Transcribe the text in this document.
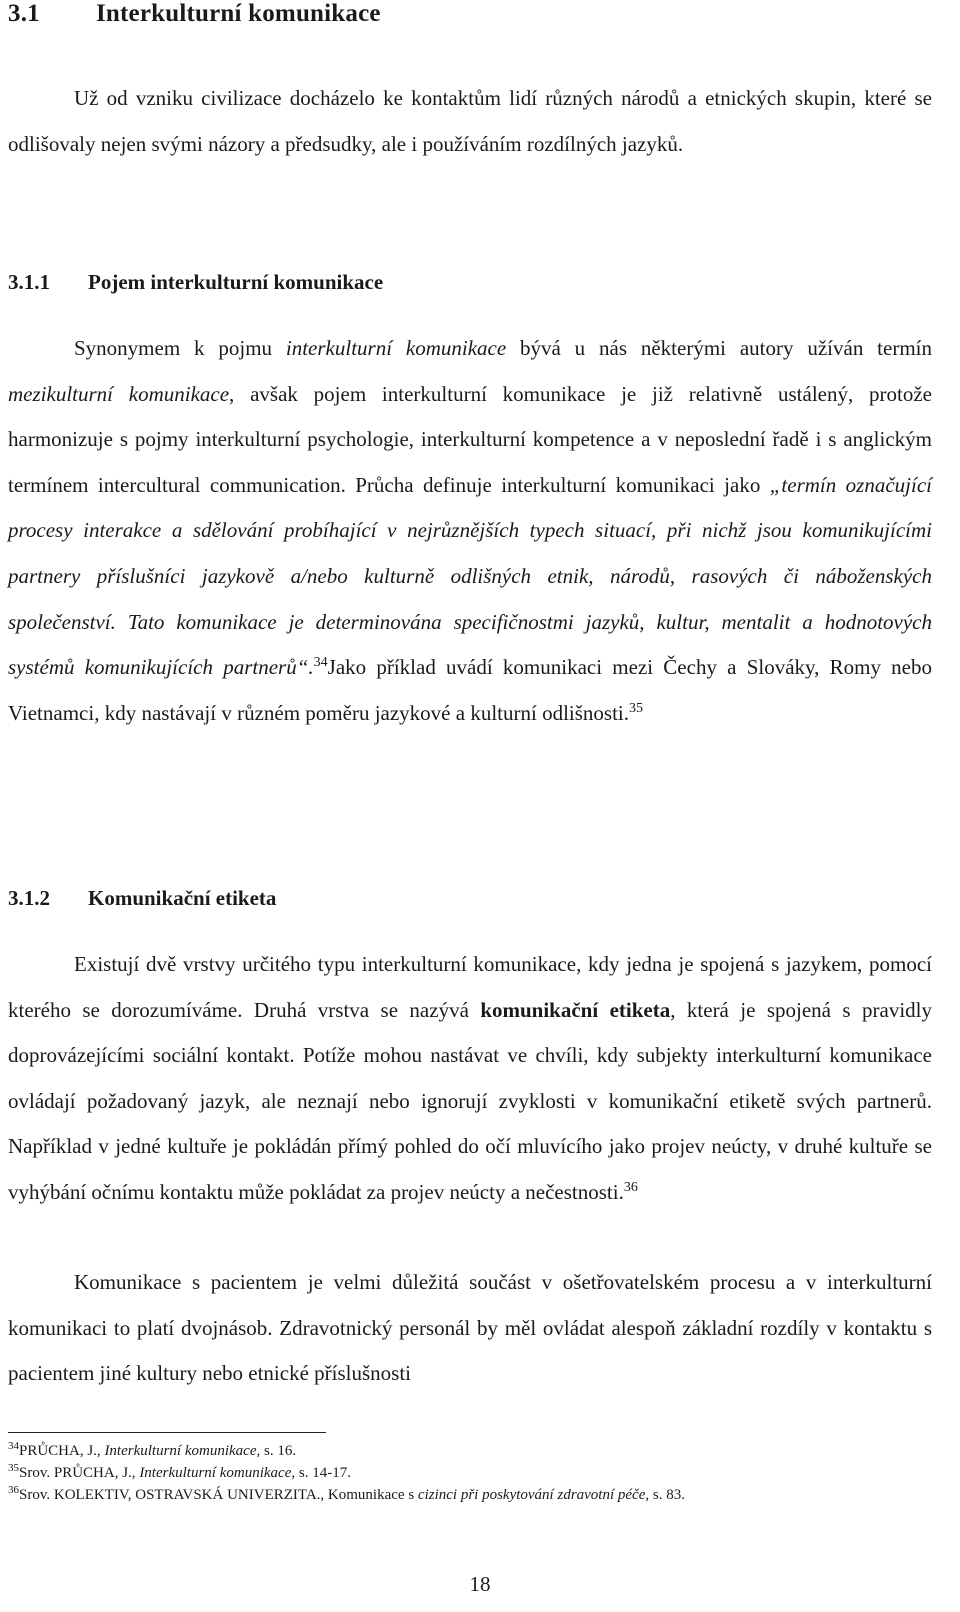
3.1 Interkulturní komunikace

Už od vzniku civilizace docházelo ke kontaktům lidí různých národů a etnických skupin, které se odlišovaly nejen svými názory a předsudky, ale i používáním rozdílných jazyků.

3.1.1 Pojem interkulturní komunikace

Synonymem k pojmu interkulturní komunikace bývá u nás některými autory užíván termín mezikulturní komunikace, avšak pojem interkulturní komunikace je již relativně ustálený, protože harmonizuje s pojmy interkulturní psychologie, interkulturní kompetence a v neposlední řadě i s anglickým termínem intercultural communication. Průcha definuje interkulturní komunikaci jako „termín označující procesy interakce a sdělování probíhající v nejrůznějších typech situací, při nichž jsou komunikujícími partnery příslušníci jazykově a/nebo kulturně odlišných etnik, národů, rasových či náboženských společenství. Tato komunikace je determinována specifičnostmi jazyků, kultur, mentalit a hodnotových systémů komunikujících partnerů“.$^{34}$Jako příklad uvádí komunikaci mezi Čechy a Slováky, Romy nebo Vietnamci, kdy nastávají v různém poměru jazykové a kulturní odlišnosti.$^{35}$

3.1.2 Komunikační etiketa

Existují dvě vrstvy určitého typu interkulturní komunikace, kdy jedna je spojená s jazykem, pomocí kterého se dorozumíváme. Druhá vrstva se nazývá komunikační etiketa, která je spojená s pravidly doprovázejícími sociální kontakt. Potíže mohou nastávat ve chvíli, kdy subjekty interkulturní komunikace ovládají požadovaný jazyk, ale neznají nebo ignorují zvyklosti v komunikační etiketě svých partnerů. Například v jedné kultuře je pokládán přímý pohled do očí mluvícího jako projev neúcty, v druhé kultuře se vyhýbání očnímu kontaktu může pokládat za projev neúcty a nečestnosti.$^{36}$

Komunikace s pacientem je velmi důležitá součást v ošetřovatelském procesu a v interkulturní komunikaci to platí dvojnásob. Zdravotnický personál by měl ovládat alespoň základní rozdíly v kontaktu s pacientem jiné kultury nebo etnické příslušnosti

$^{34}$PRŮCHA, J., Interkulturní komunikace, s. 16.

$^{35}$Srov. PRŮCHA, J., Interkulturní komunikace, s. 14-17.

$^{36}$Srov. KOLEKTIV, OSTRAVSKÁ UNIVERZITA., Komunikace s cizinci při poskytování zdravotní péče, s. 83.

18
